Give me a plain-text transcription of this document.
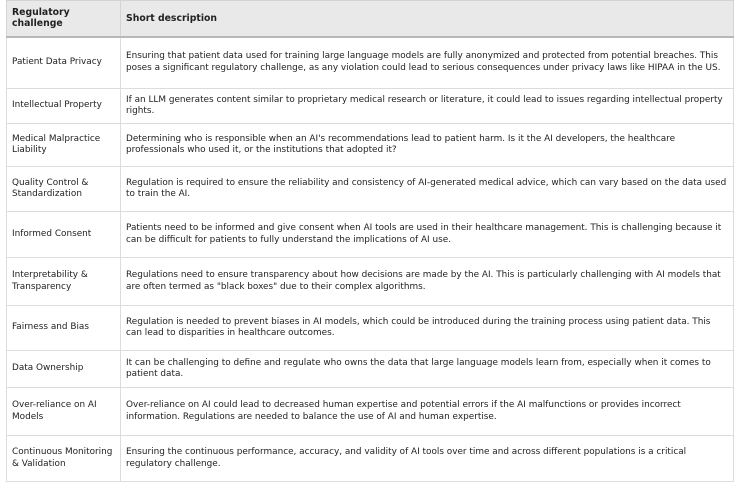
Regulatory challenge	Short description
Patient Data Privacy	Ensuring that patient data used for training large language models are fully anonymized and protected from potential breaches. This poses a significant regulatory challenge, as any violation could lead to serious consequences under privacy laws like HIPAA in the US.
Intellectual Property	If an LLM generates content similar to proprietary medical research or literature, it could lead to issues regarding intellectual property rights.
Medical Malpractice Liability	Determining who is responsible when an AI's recommendations lead to patient harm. Is it the AI developers, the healthcare professionals who used it, or the institutions that adopted it?
Quality Control & Standardization	Regulation is required to ensure the reliability and consistency of AI-generated medical advice, which can vary based on the data used to train the AI.
Informed Consent	Patients need to be informed and give consent when AI tools are used in their healthcare management. This is challenging because it can be difficult for patients to fully understand the implications of AI use.
Interpretability & Transparency	Regulations need to ensure transparency about how decisions are made by the AI. This is particularly challenging with AI models that are often termed as "black boxes" due to their complex algorithms.
Fairness and Bias	Regulation is needed to prevent biases in AI models, which could be introduced during the training process using patient data. This can lead to disparities in healthcare outcomes.
Data Ownership	It can be challenging to define and regulate who owns the data that large language models learn from, especially when it comes to patient data.
Over-reliance on AI Models	Over-reliance on AI could lead to decreased human expertise and potential errors if the AI malfunctions or provides incorrect information. Regulations are needed to balance the use of AI and human expertise.
Continuous Monitoring & Validation	Ensuring the continuous performance, accuracy, and validity of AI tools over time and across different populations is a critical regulatory challenge.
